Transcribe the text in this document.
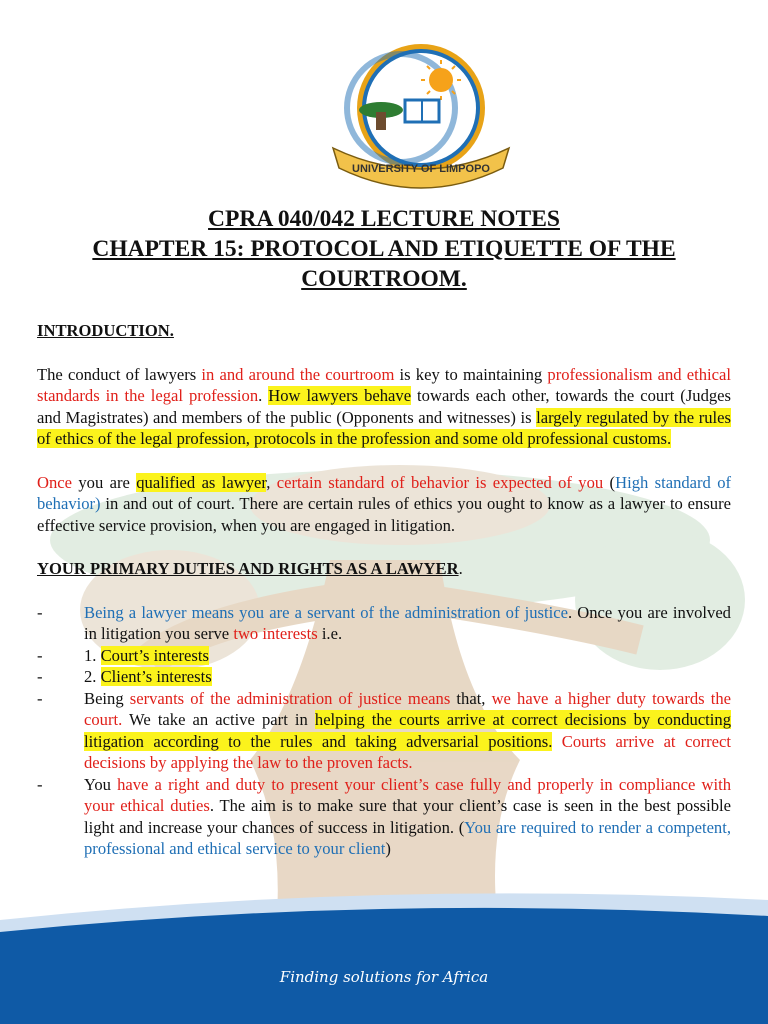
UNIVERSITY OF LIMPOPO
CPRA 040/042 LECTURE NOTES
CHAPTER 15: PROTOCOL AND ETIQUETTE OF THE
COURTROOM.

INTRODUCTION.

The conduct of lawyers in and around the courtroom is key to maintaining professionalism and ethical standards in the legal profession. How lawyers behave towards each other, towards the court (Judges and Magistrates) and members of the public (Opponents and witnesses) is largely regulated by the rules of ethics of the legal profession, protocols in the profession and some old professional customs.

Once you are qualified as lawyer, certain standard of behavior is expected of you (High standard of behavior) in and out of court. There are certain rules of ethics you ought to know as a lawyer to ensure effective service provision, when you are engaged in litigation.

YOUR PRIMARY DUTIES AND RIGHTS AS A LAWYER.

- Being a lawyer means you are a servant of the administration of justice. Once you are involved in litigation you serve two interests i.e.
- 1. Court’s interests
- 2. Client’s interests
- Being servants of the administration of justice means that, we have a higher duty towards the court. We take an active part in helping the courts arrive at correct decisions by conducting litigation according to the rules and taking adversarial positions. Courts arrive at correct decisions by applying the law to the proven facts.
- You have a right and duty to present your client’s case fully and properly in compliance with your ethical duties. The aim is to make sure that your client’s case is seen in the best possible light and increase your chances of success in litigation. (You are required to render a competent, professional and ethical service to your client)
Finding solutions for Africa
